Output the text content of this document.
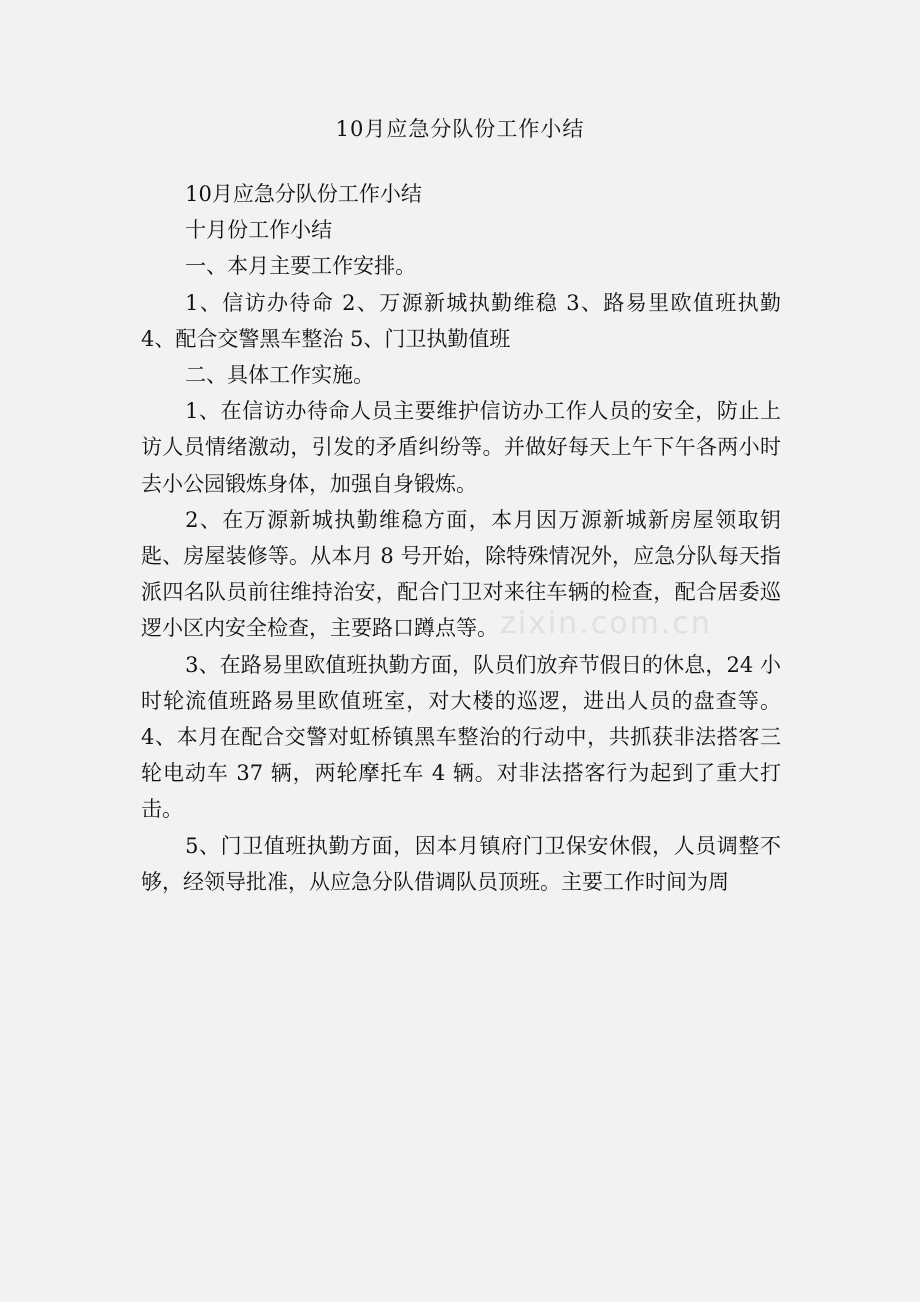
10月应急分队份工作小结

10月应急分队份工作小结

十月份工作小结

一、本月主要工作安排。

1、信访办待命 2、万源新城执勤维稳 3、路易里欧值班执勤 4、配合交警黑车整治 5、门卫执勤值班

二、具体工作实施。

1、在信访办待命人员主要维护信访办工作人员的安全，防止上访人员情绪激动，引发的矛盾纠纷等。并做好每天上午下午各两小时去小公园锻炼身体，加强自身锻炼。

2、在万源新城执勤维稳方面，本月因万源新城新房屋领取钥匙、房屋装修等。从本月 8 号开始，除特殊情况外，应急分队每天指派四名队员前往维持治安，配合门卫对来往车辆的检查，配合居委巡逻小区内安全检查，主要路口蹲点等。

3、在路易里欧值班执勤方面，队员们放弃节假日的休息，24 小时轮流值班路易里欧值班室，对大楼的巡逻，进出人员的盘查等。4、本月在配合交警对虹桥镇黑车整治的行动中，共抓获非法搭客三轮电动车 37 辆，两轮摩托车 4 辆。对非法搭客行为起到了重大打击。

5、门卫值班执勤方面，因本月镇府门卫保安休假，人员调整不够，经领导批准，从应急分队借调队员顶班。主要工作时间为周

zixin.com.cn
